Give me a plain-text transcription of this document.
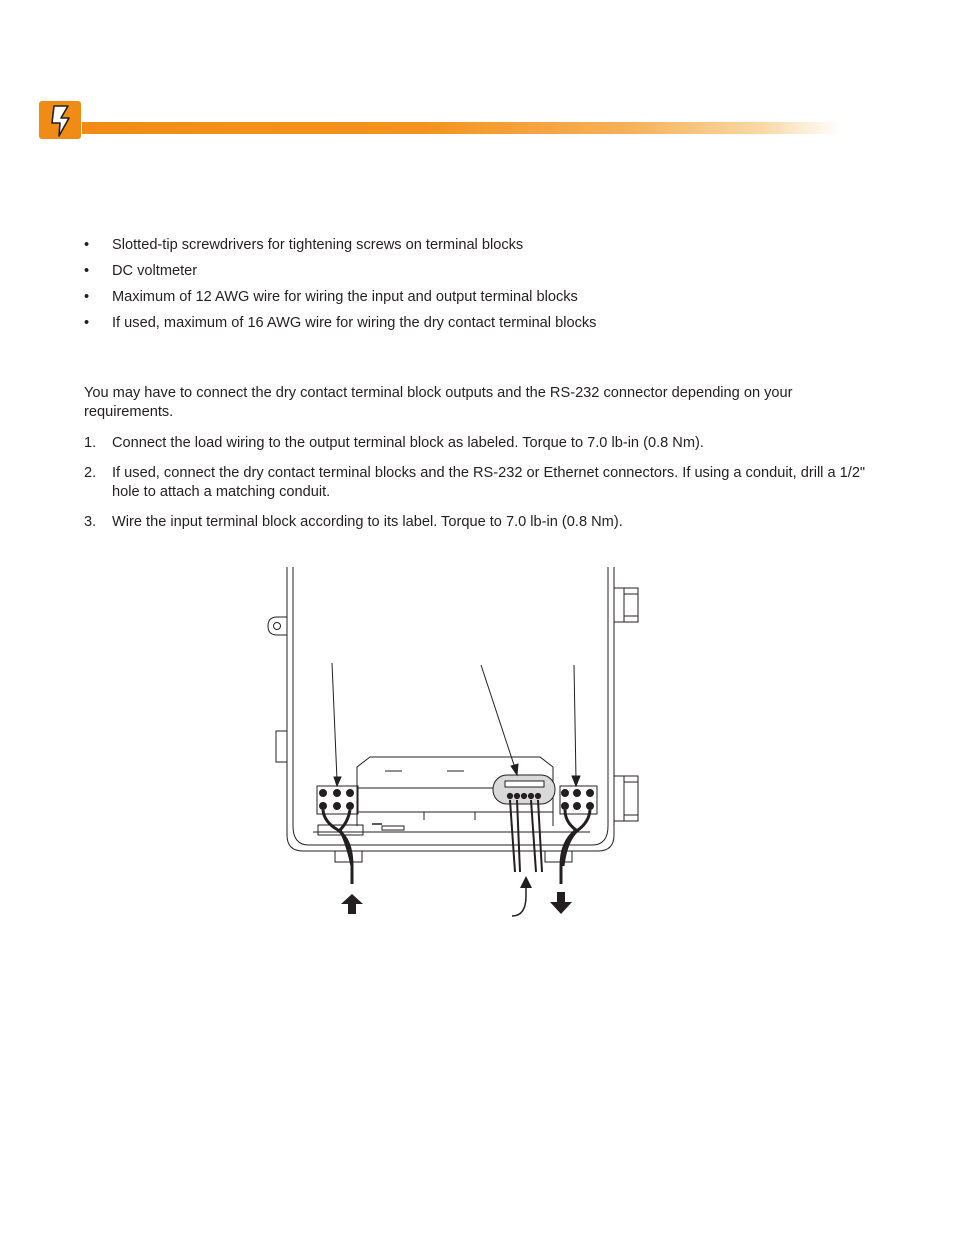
• Slotted-tip screwdrivers for tightening screws on terminal blocks
• DC voltmeter
• Maximum of 12 AWG wire for wiring the input and output terminal blocks
• If used, maximum of 16 AWG wire for wiring the dry contact terminal blocks

You may have to connect the dry contact terminal block outputs and the RS-232 connector depending on your requirements.

1. Connect the load wiring to the output terminal block as labeled. Torque to 7.0 lb-in (0.8 Nm).
2. If used, connect the dry contact terminal blocks and the RS-232 or Ethernet connectors. If using a conduit, drill a 1/2" hole to attach a matching conduit.
3. Wire the input terminal block according to its label. Torque to 7.0 lb-in (0.8 Nm).
